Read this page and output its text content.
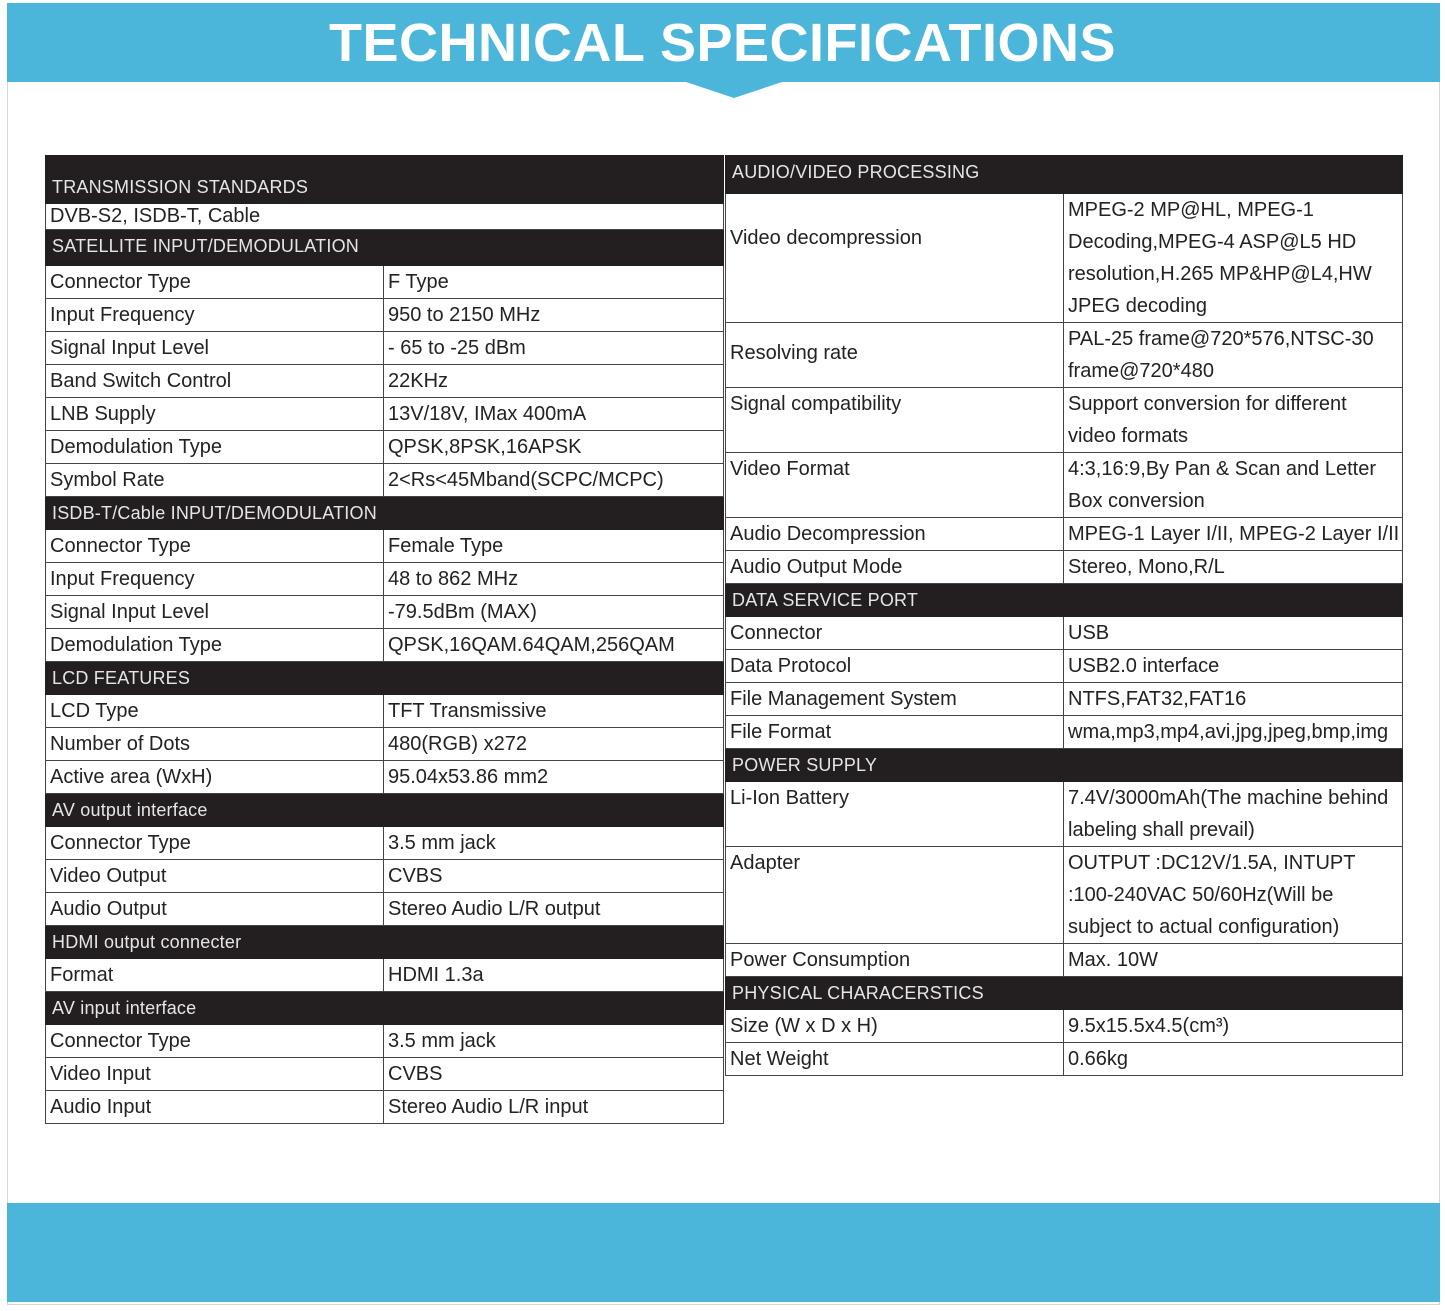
TECHNICAL SPECIFICATIONS
TRANSMISSION STANDARDS	
DVB-S2, ISDB-T, Cable	
SATELLITE INPUT/DEMODULATION	
Connector Type	F Type
Input Frequency	950 to 2150 MHz
Signal Input Level	- 65 to -25 dBm
Band Switch Control	22KHz
LNB Supply	13V/18V, IMax 400mA
Demodulation Type	QPSK,8PSK,16APSK
Symbol Rate	2<Rs<45Mband(SCPC/MCPC)
ISDB-T/Cable INPUT/DEMODULATION	
Connector Type	Female Type
Input Frequency	48 to 862 MHz
Signal Input Level	-79.5dBm (MAX)
Demodulation Type	QPSK,16QAM.64QAM,256QAM
LCD FEATURES	
LCD Type	TFT Transmissive
Number of Dots	480(RGB) x272
Active area (WxH)	95.04x53.86 mm2
AV output interface	
Connector Type	3.5 mm jack
Video Output	CVBS
Audio Output	Stereo Audio L/R output
HDMI output connecter	
Format	HDMI 1.3a
AV input interface	
Connector Type	3.5 mm jack
Video Input	CVBS
Audio Input	Stereo Audio L/R input
AUDIO/VIDEO PROCESSING	
Video decompression	MPEG-2 MP@HL, MPEG-1 Decoding,MPEG-4 ASP@L5 HD resolution,H.265 MP&HP@L4,HW JPEG decoding
Resolving rate	PAL-25 frame@720*576,NTSC-30 frame@720*480
Signal compatibility	Support conversion for different video formats
Video Format	4:3,16:9,By Pan & Scan and Letter Box conversion
Audio Decompression	MPEG-1 Layer I/II, MPEG-2 Layer I/II
Audio Output Mode	Stereo, Mono,R/L
DATA SERVICE PORT	
Connector	USB
Data Protocol	USB2.0 interface
File Management System	NTFS,FAT32,FAT16
File Format	wma,mp3,mp4,avi,jpg,jpeg,bmp,img
POWER SUPPLY	
Li-Ion Battery	7.4V/3000mAh(The machine behind labeling shall prevail)
Adapter	OUTPUT :DC12V/1.5A, INTUPT :100-240VAC 50/60Hz(Will be subject to actual configuration)
Power Consumption	Max. 10W
PHYSICAL CHARACERSTICS	
Size (W x D x H)	9.5x15.5x4.5(cm³)
Net Weight	0.66kg
